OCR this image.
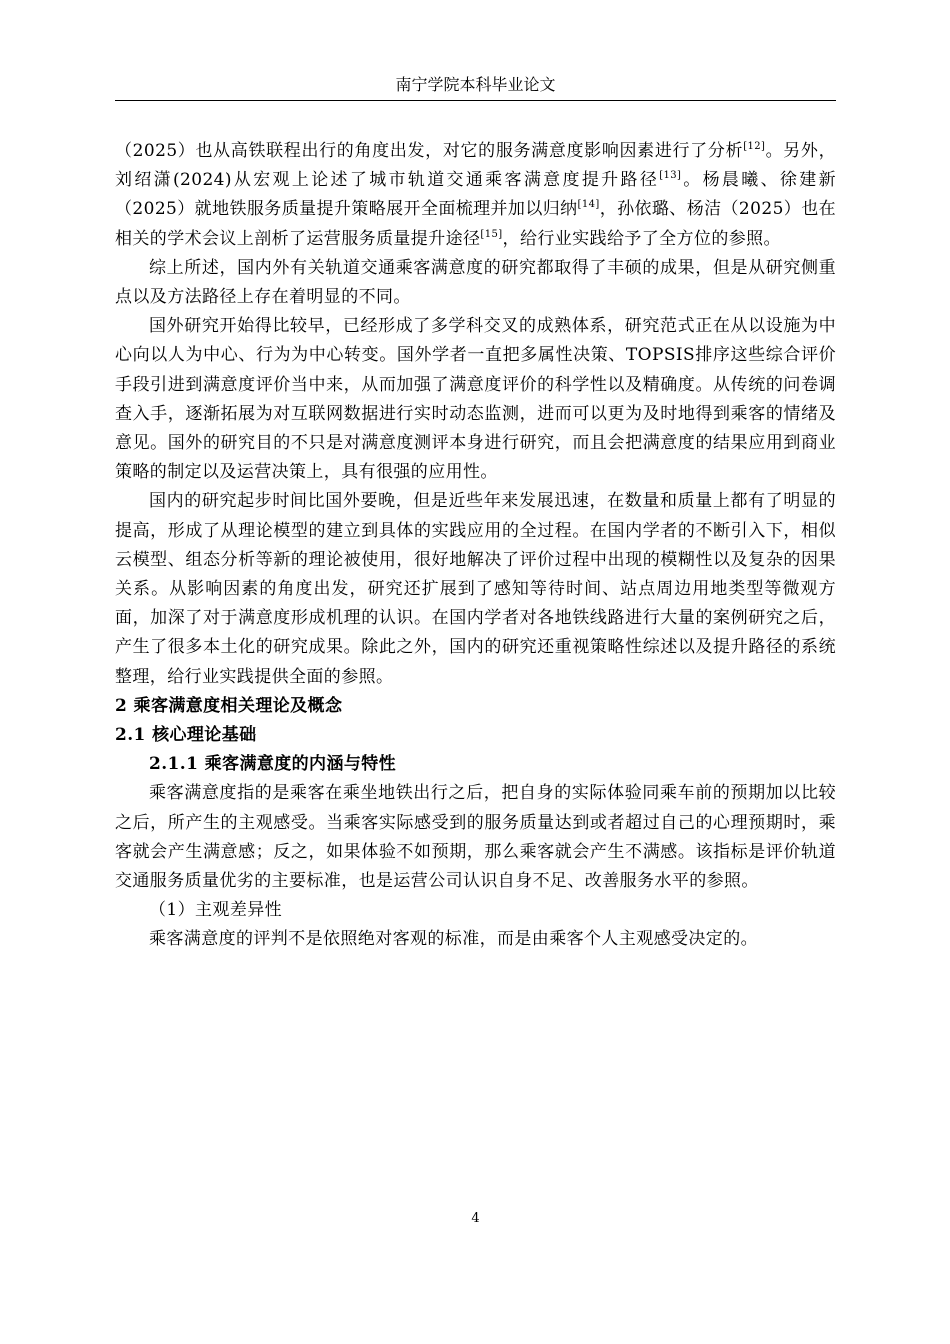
南宁学院本科毕业论文

（2025）也从高铁联程出行的角度出发，对它的服务满意度影响因素进行了分析[12]。另外，刘绍潇(2024)从宏观上论述了城市轨道交通乘客满意度提升路径[13]。杨晨曦、徐建新（2025）就地铁服务质量提升策略展开全面梳理并加以归纳[14]，孙依璐、杨洁（2025）也在相关的学术会议上剖析了运营服务质量提升途径[15]，给行业实践给予了全方位的参照。

综上所述，国内外有关轨道交通乘客满意度的研究都取得了丰硕的成果，但是从研究侧重点以及方法路径上存在着明显的不同。

国外研究开始得比较早，已经形成了多学科交叉的成熟体系，研究范式正在从以设施为中心向以人为中心、行为为中心转变。国外学者一直把多属性决策、TOPSIS排序这些综合评价手段引进到满意度评价当中来，从而加强了满意度评价的科学性以及精确度。从传统的问卷调查入手，逐渐拓展为对互联网数据进行实时动态监测，进而可以更为及时地得到乘客的情绪及意见。国外的研究目的不只是对满意度测评本身进行研究，而且会把满意度的结果应用到商业策略的制定以及运营决策上，具有很强的应用性。

国内的研究起步时间比国外要晚，但是近些年来发展迅速，在数量和质量上都有了明显的提高，形成了从理论模型的建立到具体的实践应用的全过程。在国内学者的不断引入下，相似云模型、组态分析等新的理论被使用，很好地解决了评价过程中出现的模糊性以及复杂的因果关系。从影响因素的角度出发，研究还扩展到了感知等待时间、站点周边用地类型等微观方面，加深了对于满意度形成机理的认识。在国内学者对各地铁线路进行大量的案例研究之后，产生了很多本土化的研究成果。除此之外，国内的研究还重视策略性综述以及提升路径的系统整理，给行业实践提供全面的参照。

2 乘客满意度相关理论及概念

2.1 核心理论基础

2.1.1 乘客满意度的内涵与特性

乘客满意度指的是乘客在乘坐地铁出行之后，把自身的实际体验同乘车前的预期加以比较之后，所产生的主观感受。当乘客实际感受到的服务质量达到或者超过自己的心理预期时，乘客就会产生满意感；反之，如果体验不如预期，那么乘客就会产生不满感。该指标是评价轨道交通服务质量优劣的主要标准，也是运营公司认识自身不足、改善服务水平的参照。

（1）主观差异性

乘客满意度的评判不是依照绝对客观的标准，而是由乘客个人主观感受决定的。

4
